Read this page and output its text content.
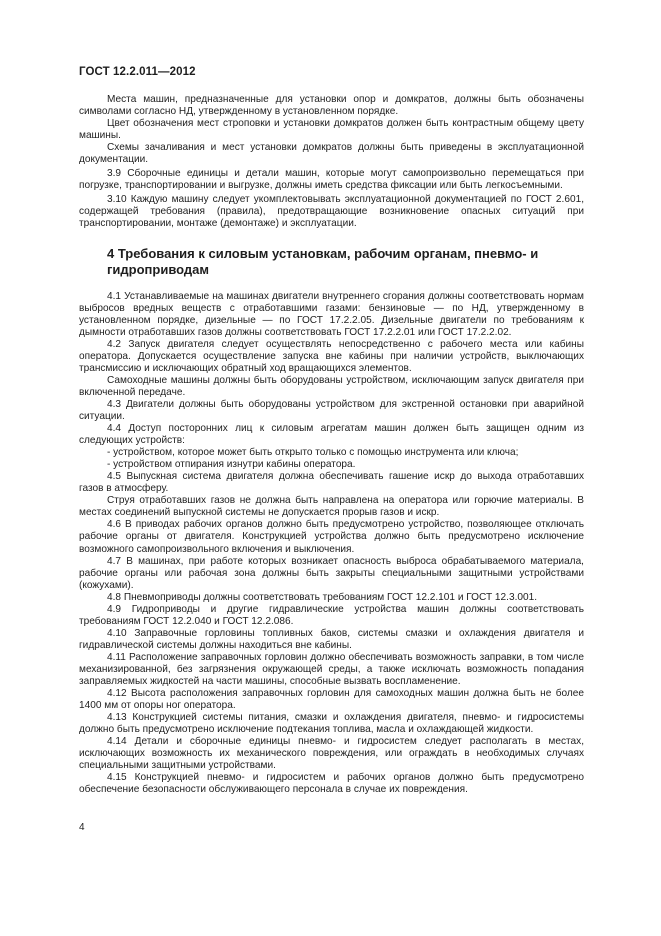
ГОСТ 12.2.011—2012

Места машин, предназначенные для установки опор и домкратов, должны быть обозначены символами согласно НД, утвержденному в установленном порядке.

Цвет обозначения мест строповки и установки домкратов должен быть контрастным общему цвету машины.

Схемы зачаливания и мест установки домкратов должны быть приведены в эксплуатационной документации.

3.9 Сборочные единицы и детали машин, которые могут самопроизвольно перемещаться при погрузке, транспортировании и выгрузке, должны иметь средства фиксации или быть легкосъемными.

3.10 Каждую машину следует укомплектовывать эксплуатационной документацией по ГОСТ 2.601, содержащей требования (правила), предотвращающие возникновение опасных ситуаций при транспортировании, монтаже (демонтаже) и эксплуатации.

4 Требования к силовым установкам, рабочим органам, пневмо- и гидроприводам

4.1 Устанавливаемые на машинах двигатели внутреннего сгорания должны соответствовать нормам выбросов вредных веществ с отработавшими газами: бензиновые — по НД, утвержденному в установленном порядке, дизельные — по ГОСТ 17.2.2.05. Дизельные двигатели по требованиям к дымности отработавших газов должны соответствовать ГОСТ 17.2.2.01 или ГОСТ 17.2.2.02.

4.2 Запуск двигателя следует осуществлять непосредственно с рабочего места или кабины оператора. Допускается осуществление запуска вне кабины при наличии устройств, выключающих трансмиссию и исключающих обратный ход вращающихся элементов.

Самоходные машины должны быть оборудованы устройством, исключающим запуск двигателя при включенной передаче.

4.3 Двигатели должны быть оборудованы устройством для экстренной остановки при аварийной ситуации.

4.4 Доступ посторонних лиц к силовым агрегатам машин должен быть защищен одним из следующих устройств:

- устройством, которое может быть открыто только с помощью инструмента или ключа;

- устройством отпирания изнутри кабины оператора.

4.5 Выпускная система двигателя должна обеспечивать гашение искр до выхода отработавших газов в атмосферу.

Струя отработавших газов не должна быть направлена на оператора или горючие материалы. В местах соединений выпускной системы не допускается прорыв газов и искр.

4.6 В приводах рабочих органов должно быть предусмотрено устройство, позволяющее отключать рабочие органы от двигателя. Конструкцией устройства должно быть предусмотрено исключение возможного самопроизвольного включения и выключения.

4.7 В машинах, при работе которых возникает опасность выброса обрабатываемого материала, рабочие органы или рабочая зона должны быть закрыты специальными защитными устройствами (кожухами).

4.8 Пневмоприводы должны соответствовать требованиям ГОСТ 12.2.101 и ГОСТ 12.3.001.

4.9 Гидроприводы и другие гидравлические устройства машин должны соответствовать требованиям ГОСТ 12.2.040 и ГОСТ 12.2.086.

4.10 Заправочные горловины топливных баков, системы смазки и охлаждения двигателя и гидравлической системы должны находиться вне кабины.

4.11 Расположение заправочных горловин должно обеспечивать возможность заправки, в том числе механизированной, без загрязнения окружающей среды, а также исключать возможность попадания заправляемых жидкостей на части машины, способные вызвать воспламенение.

4.12 Высота расположения заправочных горловин для самоходных машин должна быть не более 1400 мм от опоры ног оператора.

4.13 Конструкцией системы питания, смазки и охлаждения двигателя, пневмо- и гидросистемы должно быть предусмотрено исключение подтекания топлива, масла и охлаждающей жидкости.

4.14 Детали и сборочные единицы пневмо- и гидросистем следует располагать в местах, исключающих возможность их механического повреждения, или ограждать в необходимых случаях специальными защитными устройствами.

4.15 Конструкцией пневмо- и гидросистем и рабочих органов должно быть предусмотрено обеспечение безопасности обслуживающего персонала в случае их повреждения.

4
